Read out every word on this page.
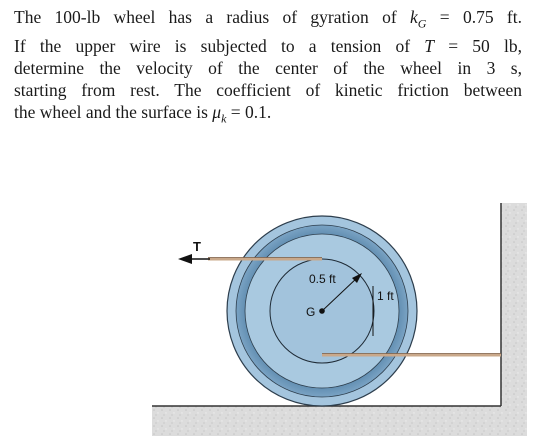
The 100-lb wheel has a radius of gyration of $k_G = 0.75$ ft.
If the upper wire is subjected to a tension of T = 50 lb,
determine the velocity of the center of the wheel in 3 s,
starting from rest. The coefficient of kinetic friction between
the wheel and the surface is $\mu_k = 0.1$.
T
0.5 ft
1 ft
G
